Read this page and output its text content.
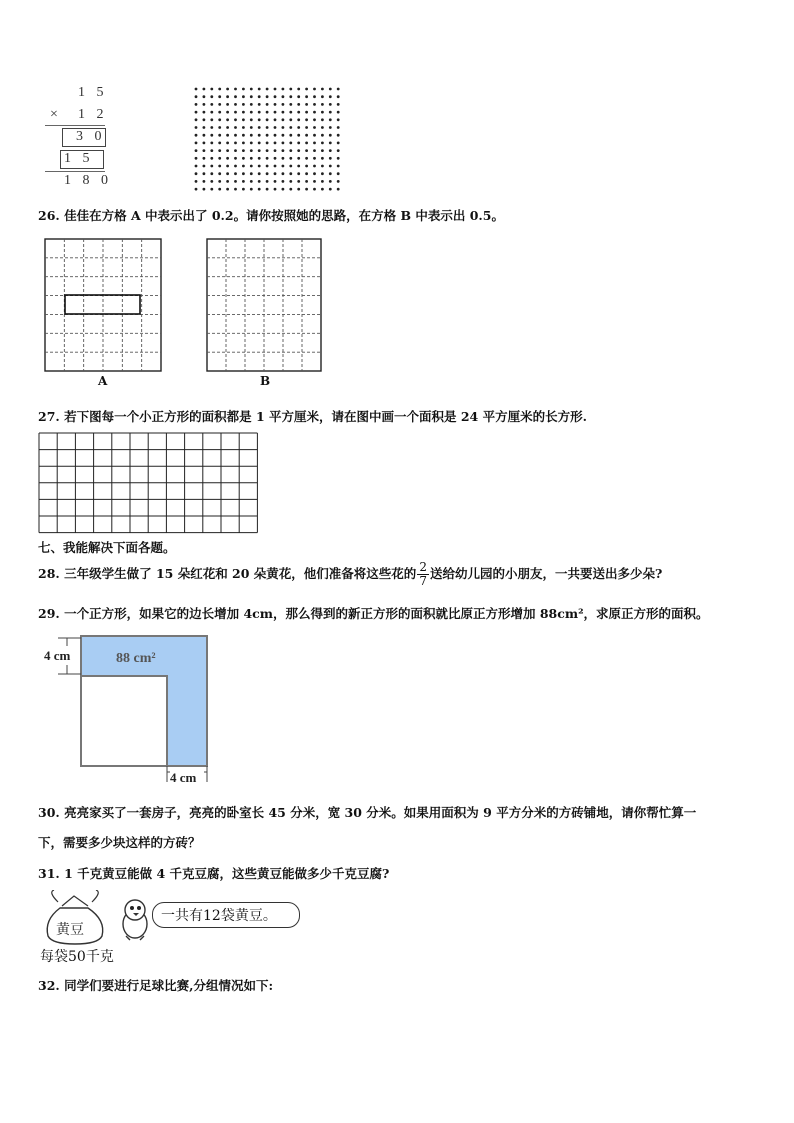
1 5
× 1 2
3 0
1 5
1 8 0
26. 佳佳在方格 A 中表示出了 0.2。请你按照她的思路，在方格 B 中表示出 0.5。
A	B
27. 若下图每一个小正方形的面积都是 1 平方厘米，请在图中画一个面积是 24 平方厘米的长方形.
七、我能解决下面各题。
28. 三年级学生做了 15 朵红花和 20 朵黄花，他们准备将这些花的 $\frac{2}{7}$ 送给幼儿园的小朋友，一共要送出多少朵?
29. 一个正方形，如果它的边长增加 4cm，那么得到的新正方形的面积就比原正方形增加 88cm²，求原正方形的面积。
4 cm	88 cm²
4 cm
30. 亮亮家买了一套房子，亮亮的卧室长 45 分米，宽 30 分米。如果用面积为 9 平方分米的方砖铺地，请你帮忙算一
下，需要多少块这样的方砖？
31. 1 千克黄豆能做 4 千克豆腐，这些黄豆能做多少千克豆腐?
黄豆
一共有12袋黄豆。
每袋50千克
32. 同学们要进行足球比赛,分组情况如下:
